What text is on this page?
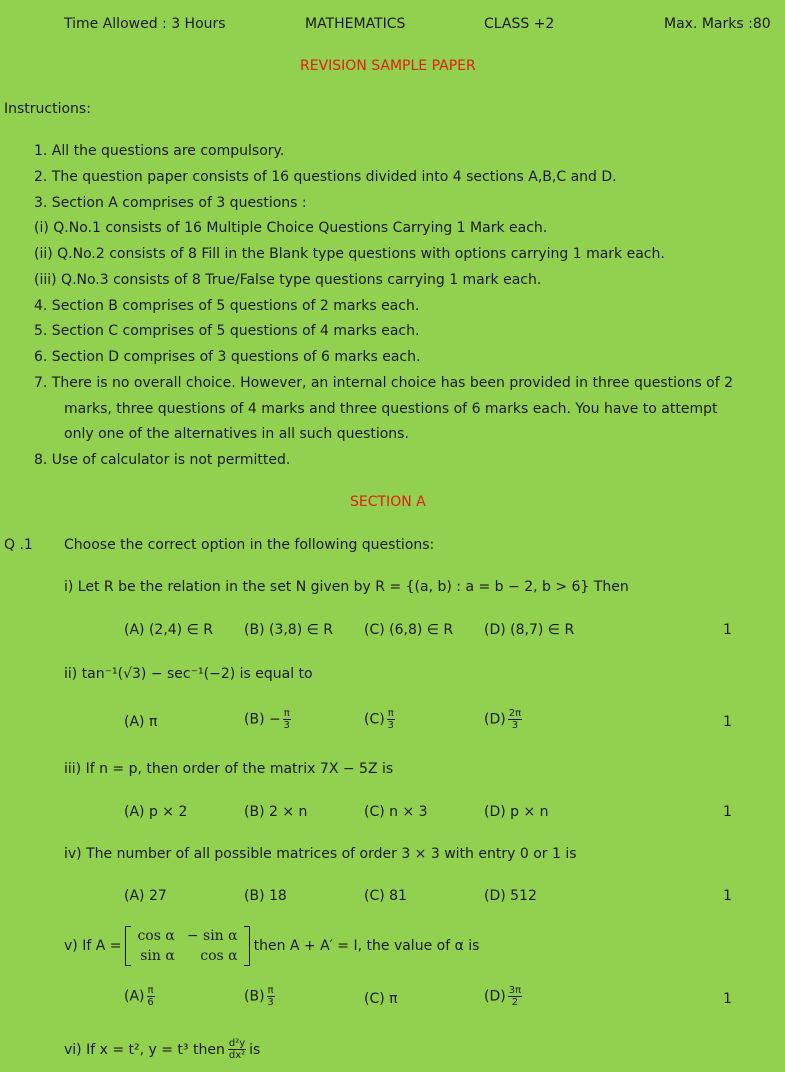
Time Allowed : 3 Hours	MATHEMATICS	CLASS +2	Max. Marks :80
REVISION SAMPLE PAPER
Instructions:
1. All the questions are compulsory.
2. The question paper consists of 16 questions divided into 4 sections A,B,C and D.
3. Section A comprises of 3 questions :
(i) Q.No.1 consists of 16 Multiple Choice Questions Carrying 1 Mark each.
(ii) Q.No.2 consists of 8 Fill in the Blank type questions with options carrying 1 mark each.
(iii) Q.No.3 consists of 8 True/False type questions carrying 1 mark each.
4. Section B comprises of 5 questions of 2 marks each.
5. Section C comprises of 5 questions of 4 marks each.
6. Section D comprises of 3 questions of 6 marks each.
7. There is no overall choice. However, an internal choice has been provided in three questions of 2
marks, three questions of 4 marks and three questions of 6 marks each. You have to attempt
only one of the alternatives in all such questions.
8. Use of calculator is not permitted.
SECTION A
Q .1 Choose the correct option in the following questions:
i) Let R be the relation in the set N given by R = {(a, b) : a = b − 2, b > 6} Then
(A) (2,4) ∈ R (B) (3,8) ∈ R (C) (6,8) ∈ R (D) (8,7) ∈ R	1
ii) tan⁻¹(√3) − sec⁻¹(−2) is equal to
(A) π	$(B) - \frac{\pi}{3}$	$(C) \frac{\pi}{3}$	$(D) \frac{2\pi}{3}$	1
iii) If n = p, then order of the matrix 7X − 5Z is
(A) p × 2	(B) 2 × n	(C) n × 3	(D) p × n	1
iv) The number of all possible matrices of order 3 × 3 with entry 0 or 1 is
(A) 27	(B) 18	(C) 81	(D) 512	1
v) If A =
cos α	− sin α
sin α	cos α
then A + A′ = I, the value of α is
$(A) \frac{\pi}{6}$	$(B) \frac{\pi}{3}$	(C) π	$(D) \frac{3\pi}{2}$	1
vi) If x = t², y = t³ then $\frac{\text{d²y}}{\text{dx²}}$ is
